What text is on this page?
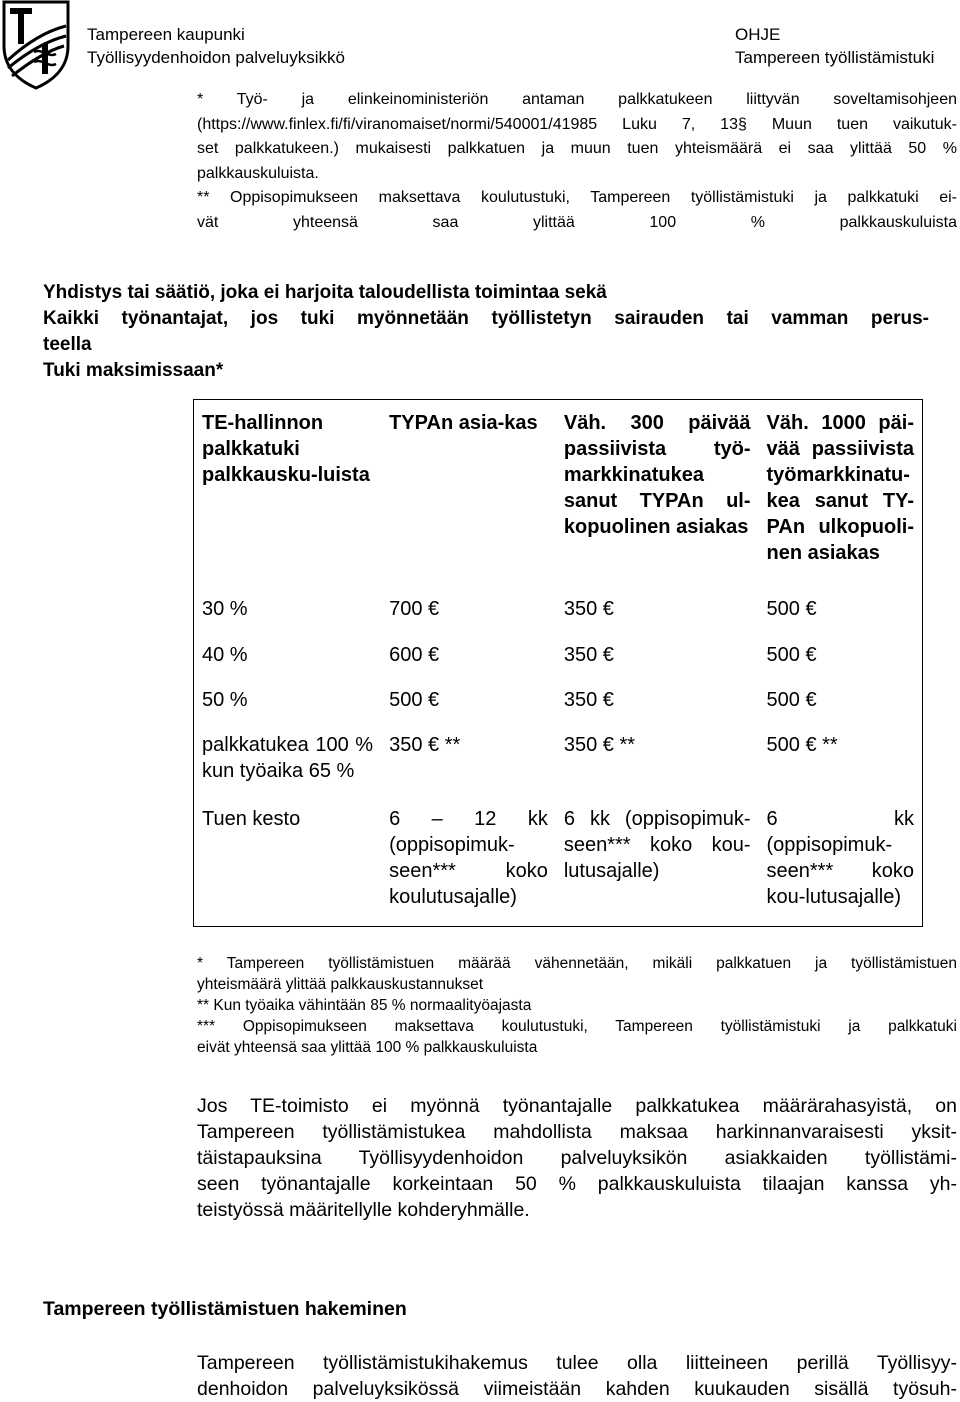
Tampereen kaupunki
Työllisyydenhoidon palveluyksikkö
OHJE
Tampereen työllistämistuki
* Työ- ja elinkeinoministeriön antaman palkkatukeen liittyvän soveltamisohjeen
(https://www.finlex.fi/fi/viranomaiset/normi/540001/41985 Luku 7, 13§ Muun tuen vaikutuk-
set palkkatukeen.) mukaisesti palkkatuen ja muun tuen yhteismäärä ei saa ylittää 50 %
palkkauskuluista.
** Oppisopimukseen maksettava koulutustuki, Tampereen työllistämistuki ja palkkatuki ei-
vät yhteensä saa ylittää 100 % palkkauskuluista
Yhdistys tai säätiö, joka ei harjoita taloudellista toimintaa sekä
Kaikki työnantajat, jos tuki myönnetään työllistetyn sairauden tai vamman perus-
teella
Tuki maksimissaan*
TE-hallinnon palkkatuki palkkausku-luista	TYPAn asia-kas	Väh. 300 päivää passiivista työ-markkinatukea sanut TYPAn ul-kopuolinen asiakas	Väh. 1000 päi-vää passiivista työmarkkinatu-kea sanut TY-PAn ulkopuoli-nen asiakas
30 %	700 €	350 €	500 €
40 %	600 €	350 €	500 €
50 %	500 €	350 €	500 €
palkkatukea 100 % kun työaika 65 %	350 € **	350 € **	500 € **
Tuen kesto	6 – 12 kk (oppisopimuk-seen*** koko koulutusajalle)	6 kk (oppisopimuk-seen*** koko kou-lutusajalle)	6 kk (oppisopimuk-seen*** koko kou-lutusajalle)
* Tampereen työllistämistuen määrää vähennetään, mikäli palkkatuen ja työllistämistuen
yhteismäärä ylittää palkkauskustannukset
** Kun työaika vähintään 85 % normaalityöajasta
*** Oppisopimukseen maksettava koulutustuki, Tampereen työllistämistuki ja palkkatuki
eivät yhteensä saa ylittää 100 % palkkauskuluista
Jos TE-toimisto ei myönnä työnantajalle palkkatukea määrärahasyistä, on
Tampereen työllistämistukea mahdollista maksaa harkinnanvaraisesti yksit-
täistapauksina Työllisyydenhoidon palveluyksikön asiakkaiden työllistämi-
seen työnantajalle korkeintaan 50 % palkkauskuluista tilaajan kanssa yh-
teistyössä määritellylle kohderyhmälle.
Tampereen työllistämistuen hakeminen
Tampereen työllistämistukihakemus tulee olla liitteineen perillä Työllisyy-
denhoidon palveluyksikössä viimeistään kahden kuukauden sisällä työsuh-
